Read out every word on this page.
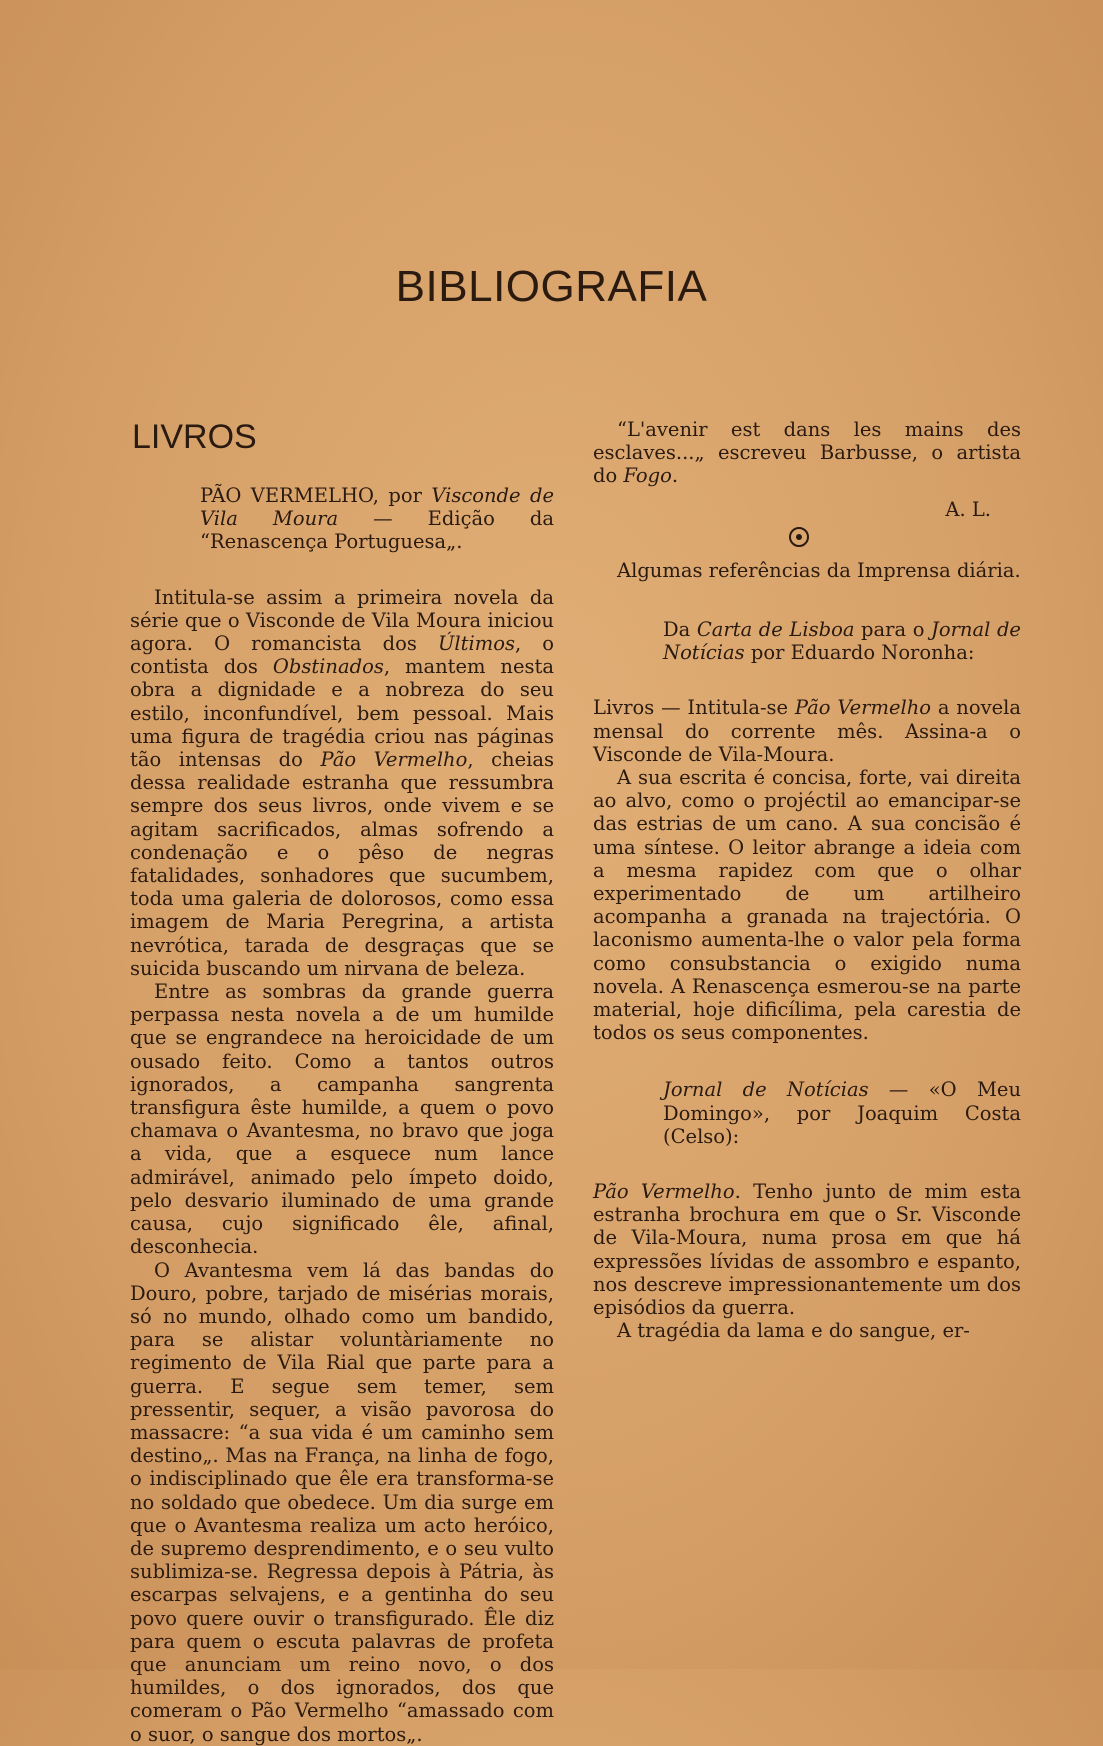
BIBLIOGRAFIA
LIVROS

PÃO VERMELHO, por Visconde de Vila Moura — Edição da “Renascença Portuguesa„.

Intitula-se assim a primeira novela da série que o Visconde de Vila Moura iniciou agora. O romancista dos Últimos, o contista dos Obstinados, mantem nesta obra a dignidade e a nobreza do seu estilo, inconfundível, bem pessoal. Mais uma figura de tragédia criou nas páginas tão intensas do Pão Vermelho, cheias dessa realidade estranha que ressumbra sempre dos seus livros, onde vivem e se agitam sacrificados, almas sofrendo a condenação e o pêso de negras fatalidades, sonhadores que sucumbem, toda uma galeria de dolorosos, como essa imagem de Maria Peregrina, a artista nevrótica, tarada de desgraças que se suicida buscando um nirvana de beleza.

Entre as sombras da grande guerra perpassa nesta novela a de um humilde que se engrandece na heroicidade de um ousado feito. Como a tantos outros ignorados, a campanha sangrenta transfigura êste humilde, a quem o povo chamava o Avantesma, no bravo que joga a vida, que a esquece num lance admirável, animado pelo ímpeto doido, pelo desvario iluminado de uma grande causa, cujo significado êle, afinal, desconhecia.

O Avantesma vem lá das bandas do Douro, pobre, tarjado de misérias morais, só no mundo, olhado como um bandido, para se alistar voluntàriamente no regimento de Vila Rial que parte para a guerra. E segue sem temer, sem pressentir, sequer, a visão pavorosa do massacre: “a sua vida é um caminho sem destino„. Mas na França, na linha de fogo, o indisciplinado que êle era transforma-se no soldado que obedece. Um dia surge em que o Avantesma realiza um acto heróico, de supremo desprendimento, e o seu vulto sublimiza-se. Regressa depois à Pátria, às escarpas selvajens, e a gentinha do seu povo quere ouvir o transfigurado. Êle diz para quem o escuta palavras de profeta que anunciam um reino novo, o dos humildes, o dos ignorados, dos que comeram o Pão Vermelho “amassado com o suor, o sangue dos mortos„.

“L'avenir est dans les mains des esclaves...„ escreveu Barbusse, o artista do Fogo.

A. L.

Algumas referências da Imprensa diária.

Da Carta de Lisboa para o Jornal de Notícias por Eduardo Noronha:

Livros — Intitula-se Pão Vermelho a novela mensal do corrente mês. Assina-a o Visconde de Vila-Moura.

A sua escrita é concisa, forte, vai direita ao alvo, como o projéctil ao emancipar-se das estrias de um cano. A sua concisão é uma síntese. O leitor abrange a ideia com a mesma rapidez com que o olhar experimentado de um artilheiro acompanha a granada na trajectória. O laconismo aumenta-lhe o valor pela forma como consubstancia o exigido numa novela. A Renascença esmerou-se na parte material, hoje dificílima, pela carestia de todos os seus componentes.

Jornal de Notícias — «O Meu Domingo», por Joaquim Costa (Celso):

Pão Vermelho. Tenho junto de mim esta estranha brochura em que o Sr. Visconde de Vila-Moura, numa prosa em que há expressões lívidas de assombro e espanto, nos descreve impressionantemente um dos episódios da guerra.

A tragédia da lama e do sangue, er-
